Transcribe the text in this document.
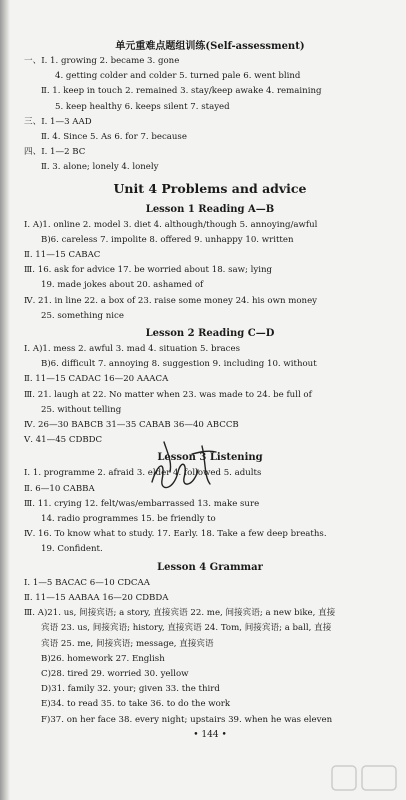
单元重难点题组训练(Self-assessment)

一、Ⅰ. 1. growing 2. became 3. gone
4. getting colder and colder 5. turned pale 6. went blind
Ⅱ. 1. keep in touch 2. remained 3. stay/keep awake 4. remaining
5. keep healthy 6. keeps silent 7. stayed
三、Ⅰ. 1—3 AAD
Ⅱ. 4. Since 5. As 6. for 7. because
四、Ⅰ. 1—2 BC
Ⅱ. 3. alone; lonely 4. lonely

Unit 4 Problems and advice

Lesson 1 Reading A—B

Ⅰ. A)1. online 2. model 3. diet 4. although/though 5. annoying/awful
B)6. careless 7. impolite 8. offered 9. unhappy 10. written
Ⅱ. 11—15 CABAC
Ⅲ. 16. ask for advice 17. be worried about 18. saw; lying
19. made jokes about 20. ashamed of
Ⅳ. 21. in line 22. a box of 23. raise some money 24. his own money
25. something nice

Lesson 2 Reading C—D

Ⅰ. A)1. mess 2. awful 3. mad 4. situation 5. braces
B)6. difficult 7. annoying 8. suggestion 9. including 10. without
Ⅱ. 11—15 CADAC 16—20 AAACA
Ⅲ. 21. laugh at 22. No matter when 23. was made to 24. be full of
25. without telling
Ⅳ. 26—30 BABCB 31—35 CABAB 36—40 ABCCB
Ⅴ. 41—45 CDBDC

Lesson 3 Listening

Ⅰ. 1. programme 2. afraid 3. elder 4. followed 5. adults
Ⅱ. 6—10 CABBA
Ⅲ. 11. crying 12. felt/was/embarrassed 13. make sure
14. radio programmes 15. be friendly to
Ⅳ. 16. To know what to study. 17. Early. 18. Take a few deep breaths.
19. Confident.

Lesson 4 Grammar

Ⅰ. 1—5 BACAC 6—10 CDCAA
Ⅱ. 11—15 AABAA 16—20 CDBDA
Ⅲ. A)21. us, 间接宾语; a story, 直接宾语 22. me, 间接宾语; a new bike, 直接
宾语 23. us, 间接宾语; history, 直接宾语 24. Tom, 间接宾语; a ball, 直接
宾语 25. me, 间接宾语; message, 直接宾语
B)26. homework 27. English
C)28. tired 29. worried 30. yellow
D)31. family 32. your; given 33. the third
E)34. to read 35. to take 36. to do the work
F)37. on her face 38. every night; upstairs 39. when he was eleven
• 144 •
